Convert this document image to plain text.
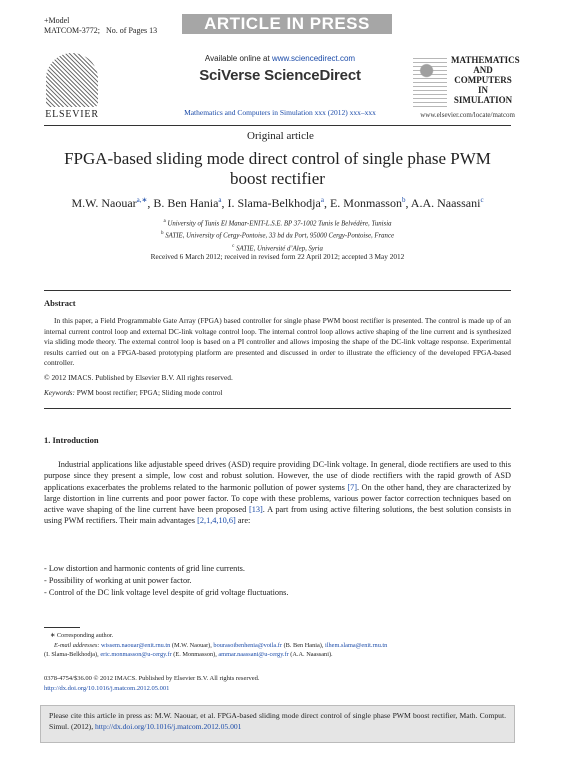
+Model
MATCOM-3772; No. of Pages 13	ARTICLE IN PRESS
ELSEVIER
Available online at www.sciencedirect.com
SciVerse ScienceDirect
Mathematics and Computers in Simulation xxx (2012) xxx–xxx
MATHEMATICS AND COMPUTERS IN SIMULATION
www.elsevier.com/locate/matcom
Original article
FPGA-based sliding mode direct control of single phase PWM boost rectifier
M.W. Naouar$^{a,∗}$, B. Ben Hania$^a$, I. Slama-Belkhodja$^a$, E. Monmasson$^b$, A.A. Naassani$^c$
$^a$ University of Tunis El Manar-ENIT-L.S.E. BP 37-1002 Tunis le Belvédère, Tunisia
$^b$ SATIE, University of Cergy-Pontoise, 33 bd du Port, 95000 Cergy-Pontoise, France
$^c$ SATIE, Université d’Alep, Syria
Received 6 March 2012; received in revised form 22 April 2012; accepted 3 May 2012
Abstract
In this paper, a Field Programmable Gate Array (FPGA) based controller for single phase PWM boost rectifier is presented. The control is made up of an internal current control loop and external DC-link voltage control loop. The internal control loop allows active shaping of the line current and is synthesized via sliding mode theory. The external control loop is based on a PI controller and allows imposing the shape of the DC-link voltage response. Experimental results carried out on a FPGA-based prototyping platform are presented and discussed in order to illustrate the efficiency of the developed FPGA-based controller.
© 2012 IMACS. Published by Elsevier B.V. All rights reserved.
Keywords: PWM boost rectifier; FPGA; Sliding mode control
1. Introduction
Industrial applications like adjustable speed drives (ASD) require providing DC-link voltage. In general, diode rectifiers are used to this purpose since they present a simple, low cost and robust solution. However, the use of diode rectifiers with the rapid growth of ASD applications exacerbates the problems related to the harmonic pollution of power systems [7]. On the other hand, they are characterized by large distortion in line currents and poor power factor. To cope with these problems, various power factor correction techniques based on active wave shaping of the line current have been proposed [13]. A part from using active filtering solutions, the best solution consists in using PWM rectifiers. Their main advantages [2,1,4,10,6] are:
- Low distortion and harmonic contents of grid line currents.
- Possibility of working at unit power factor.
- Control of the DC link voltage level despite of grid voltage fluctuations.
∗ Corresponding author.
E-mail addresses: wissem.naouar@enit.rnu.tn (M.W. Naouar), bourasoibenhenia@voila.fr (B. Ben Hania), ilhem.slama@enit.rnu.tn
(I. Slama-Belkhodja), eric.monmasson@u-cergy.fr (E. Monmasson), ammar.naassani@u-cergy.fr (A.A. Naassani).
0378-4754/$36.00 © 2012 IMACS. Published by Elsevier B.V. All rights reserved.
http://dx.doi.org/10.1016/j.matcom.2012.05.001
Please cite this article in press as: M.W. Naouar, et al. FPGA-based sliding mode direct control of single phase PWM boost rectifier, Math. Comput. Simul. (2012), http://dx.doi.org/10.1016/j.matcom.2012.05.001
